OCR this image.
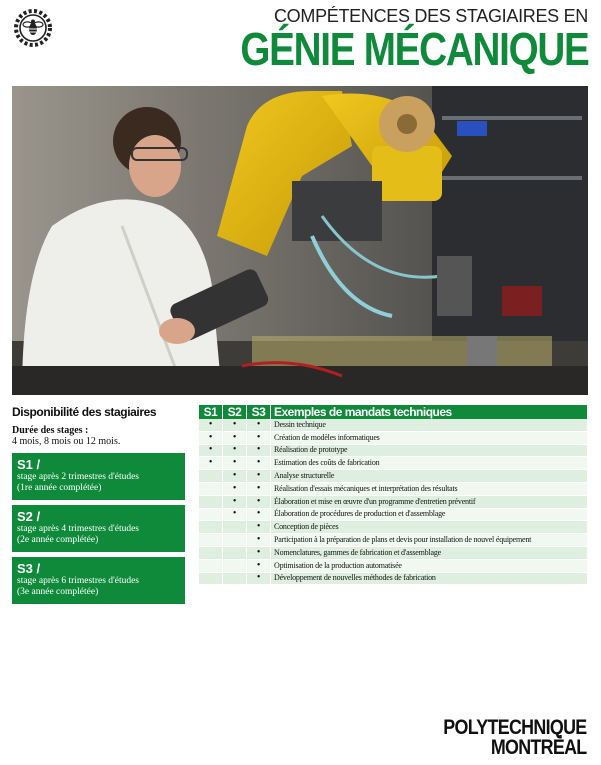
COMPÉTENCES DES STAGIAIRES EN
GÉNIE MÉCANIQUE
Disponibilité des stagiaires
Durée des stages :
4 mois, 8 mois ou 12 mois.
S1 /
stage après 2 trimestres d'études
(1re année complétée)
S2 /
stage après 4 trimestres d'études
(2e année complétée)
S3 /
stage après 6 trimestres d'études
(3e année complétée)
S1	S2	S3	Exemples de mandats techniques
•	•	•	Dessin technique
•	•	•	Création de modèles informatiques
•	•	•	Réalisation de prototype
•	•	•	Estimation des coûts de fabrication
	•	•	Analyse structurelle
	•	•	Réalisation d'essais mécaniques et interprétation des résultats
	•	•	Élaboration et mise en œuvre d'un programme d'entretien préventif
	•	•	Élaboration de procédures de production et d'assemblage
		•	Conception de pièces
		•	Participation à la préparation de plans et devis pour installation de nouvel équipement
		•	Nomenclatures, gammes de fabrication et d'assemblage
		•	Optimisation de la production automatisée
		•	Développement de nouvelles méthodes de fabrication
POLYTECHNIQUE
MONTRÉAL
